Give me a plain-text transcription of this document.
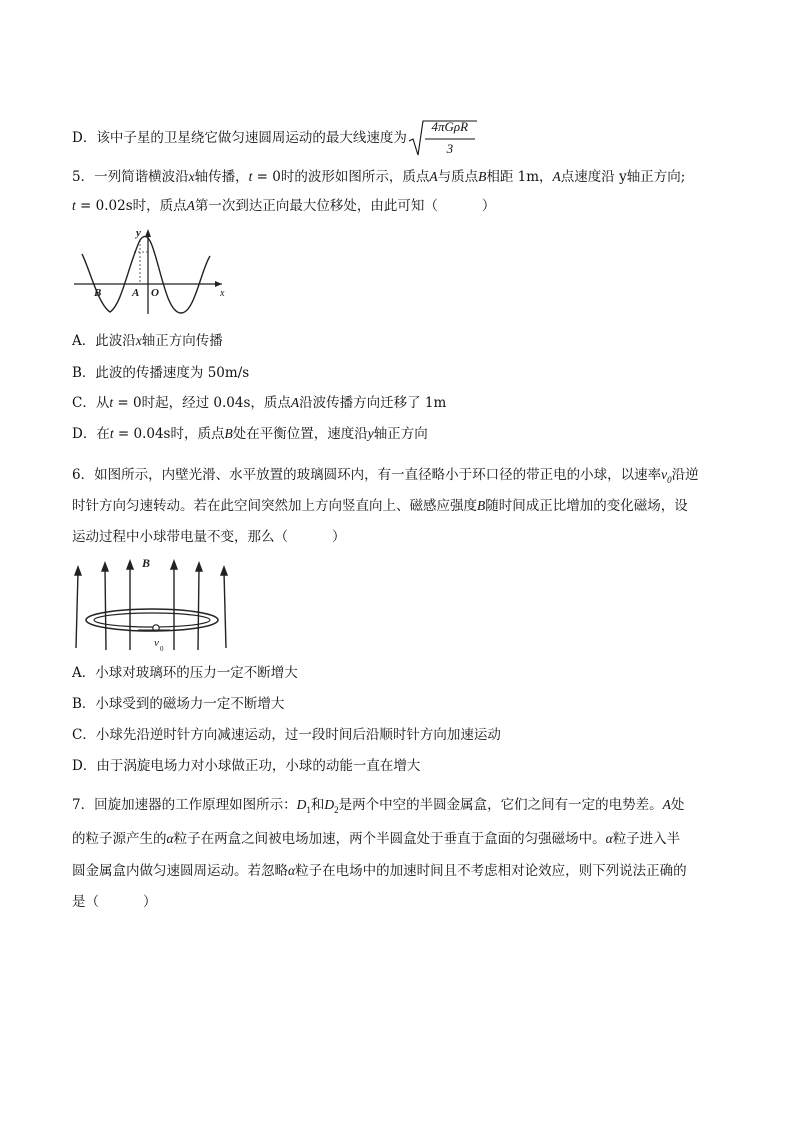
D．该中子星的卫星绕它做匀速圆周运动的最大线速度为
4πGρR
3
5．一列简谐横波沿x轴传播，t = 0时的波形如图所示，质点A与质点B相距 1m，A点速度沿 y轴正方向;
t = 0.02s时，质点A第一次到达正向最大位移处，由此可知（	）
B	A O
y
x
A．此波沿x轴正方向传播
B．此波的传播速度为 50m/s
C．从t = 0时起，经过 0.04s，质点A沿波传播方向迁移了 1m
D．在t = 0.04s时，质点B处在平衡位置，速度沿y轴正方向
6．如图所示，内壁光滑、水平放置的玻璃圆环内，有一直径略小于环口径的带正电的小球，以速率$v_0$沿逆
时针方向匀速转动。若在此空间突然加上方向竖直向上、磁感应强度B随时间成正比增加的变化磁场，设
运动过程中小球带电量不变，那么（	）
B
v 0
A．小球对玻璃环的压力一定不断增大
B．小球受到的磁场力一定不断增大
C．小球先沿逆时针方向减速运动，过一段时间后沿顺时针方向加速运动
D．由于涡旋电场力对小球做正功，小球的动能一直在增大
7．回旋加速器的工作原理如图所示：$D_1$和$D_2$是两个中空的半圆金属盒，它们之间有一定的电势差。A处
的粒子源产生的α粒子在两盒之间被电场加速，两个半圆盒处于垂直于盒面的匀强磁场中。α粒子进入半
圆金属盒内做匀速圆周运动。若忽略α粒子在电场中的加速时间且不考虑相对论效应，则下列说法正确的
是（	）
